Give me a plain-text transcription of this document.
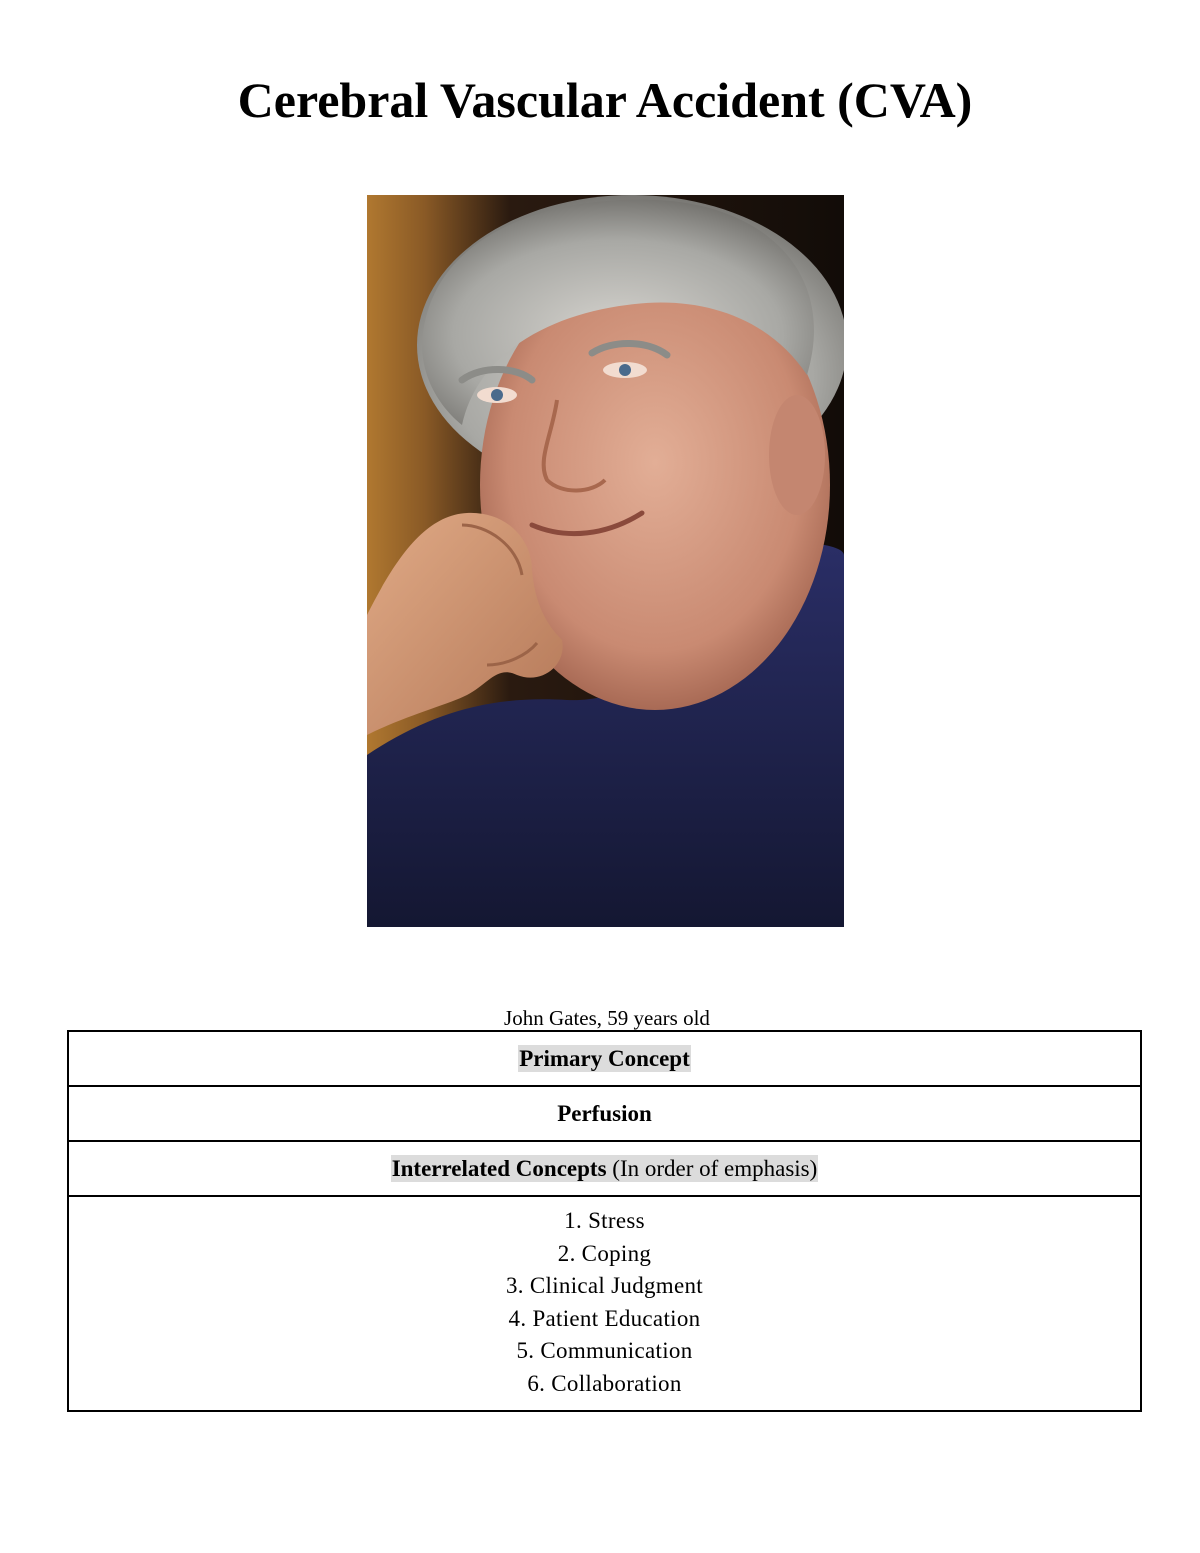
Cerebral Vascular Accident (CVA)
John Gates, 59 years old
Primary Concept
Perfusion
Interrelated Concepts (In order of emphasis)

1. Stress
2. Coping
3. Clinical Judgment
4. Patient Education
5. Communication
6. Collaboration
